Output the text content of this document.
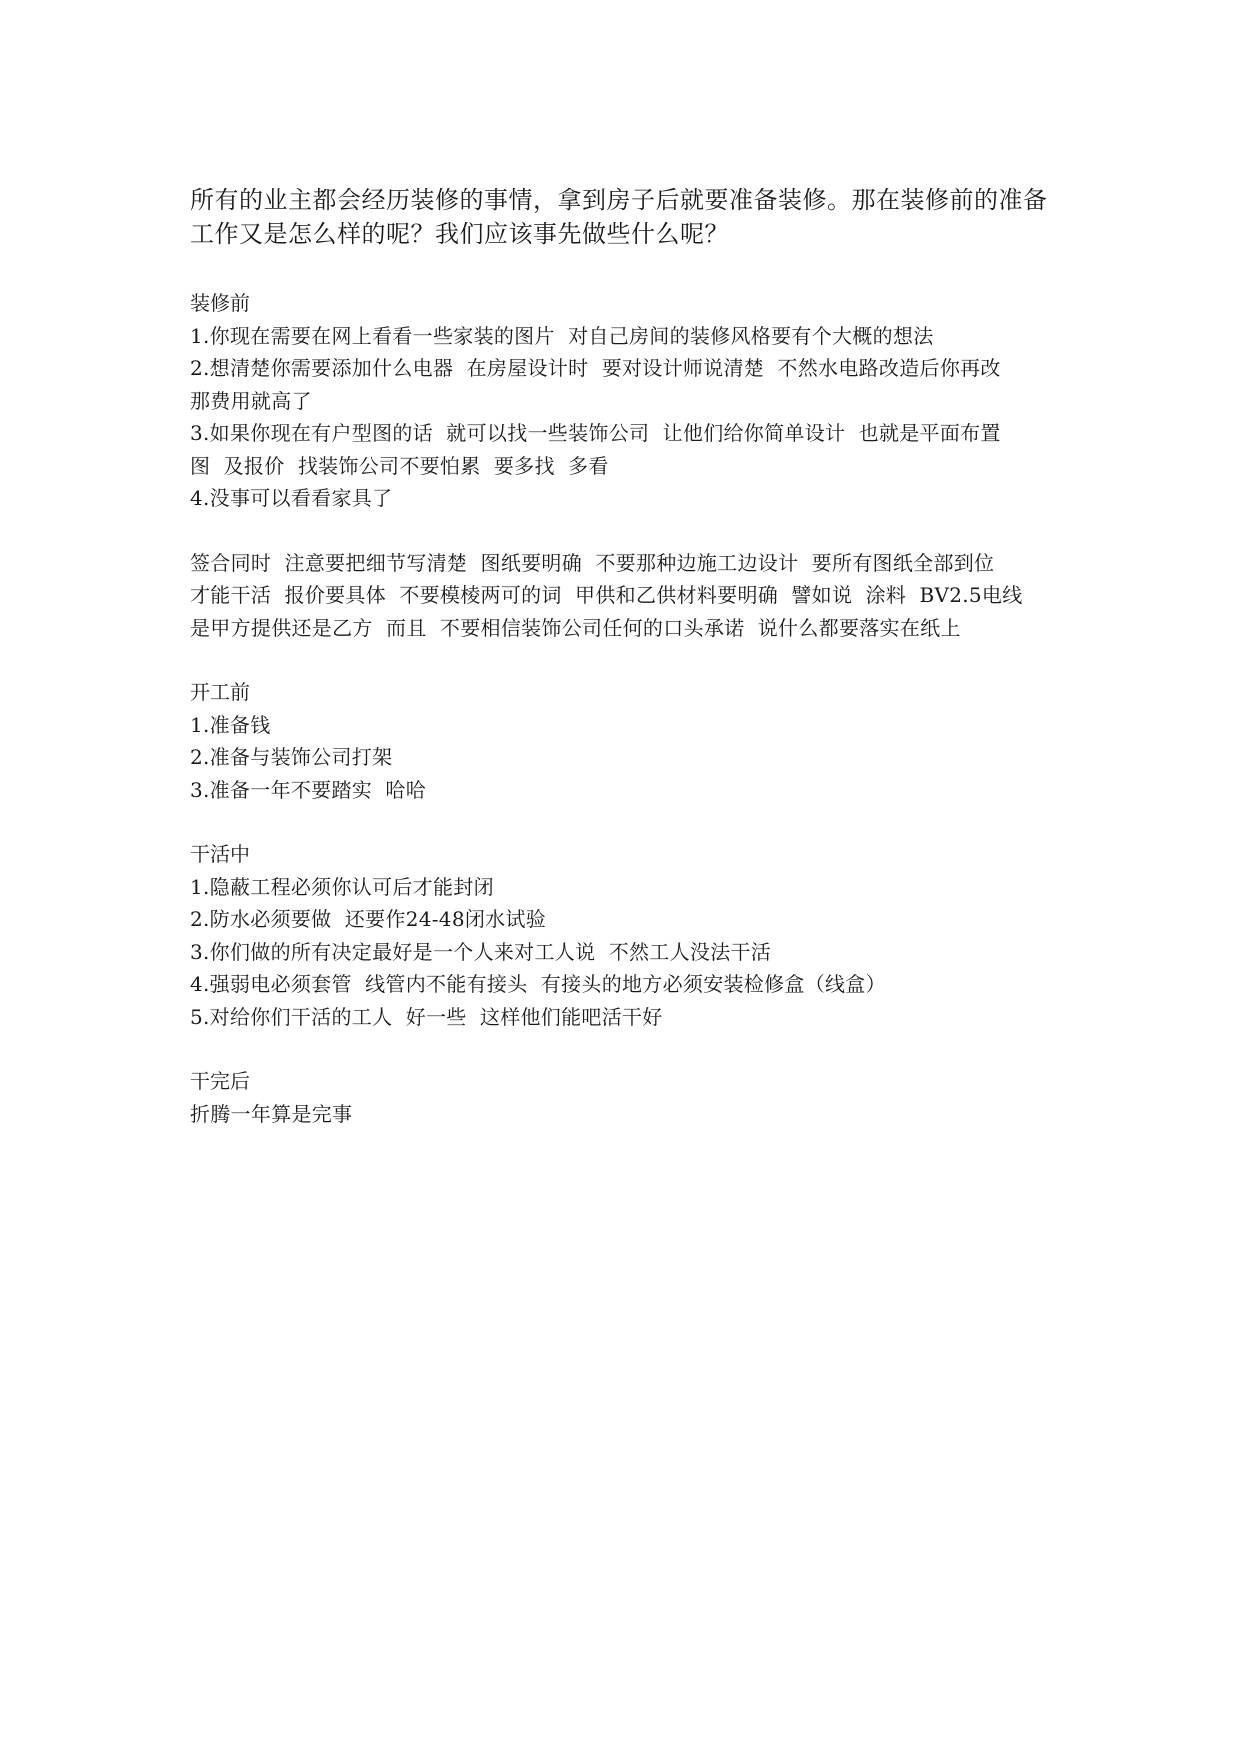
所有的业主都会经历装修的事情，拿到房子后就要准备装修。那在装修前的准备

工作又是怎么样的呢？我们应该事先做些什么呢？

装修前

1.你现在需要在网上看看一些家装的图片  对自己房间的装修风格要有个大概的想法

2.想清楚你需要添加什么电器  在房屋设计时  要对设计师说清楚  不然水电路改造后你再改

那费用就高了

3.如果你现在有户型图的话  就可以找一些装饰公司  让他们给你简单设计  也就是平面布置

图  及报价  找装饰公司不要怕累  要多找  多看

4.没事可以看看家具了

签合同时  注意要把细节写清楚  图纸要明确  不要那种边施工边设计  要所有图纸全部到位

才能干活  报价要具体  不要模棱两可的词  甲供和乙供材料要明确  譬如说  涂料  BV2.5电线

是甲方提供还是乙方  而且  不要相信装饰公司任何的口头承诺  说什么都要落实在纸上

开工前

1.准备钱

2.准备与装饰公司打架

3.准备一年不要踏实  哈哈

干活中

1.隐蔽工程必须你认可后才能封闭

2.防水必须要做  还要作24-48闭水试验

3.你们做的所有决定最好是一个人来对工人说  不然工人没法干活

4.强弱电必须套管  线管内不能有接头  有接头的地方必须安装检修盒（线盒）

5.对给你们干活的工人  好一些  这样他们能吧活干好

干完后

折腾一年算是完事
